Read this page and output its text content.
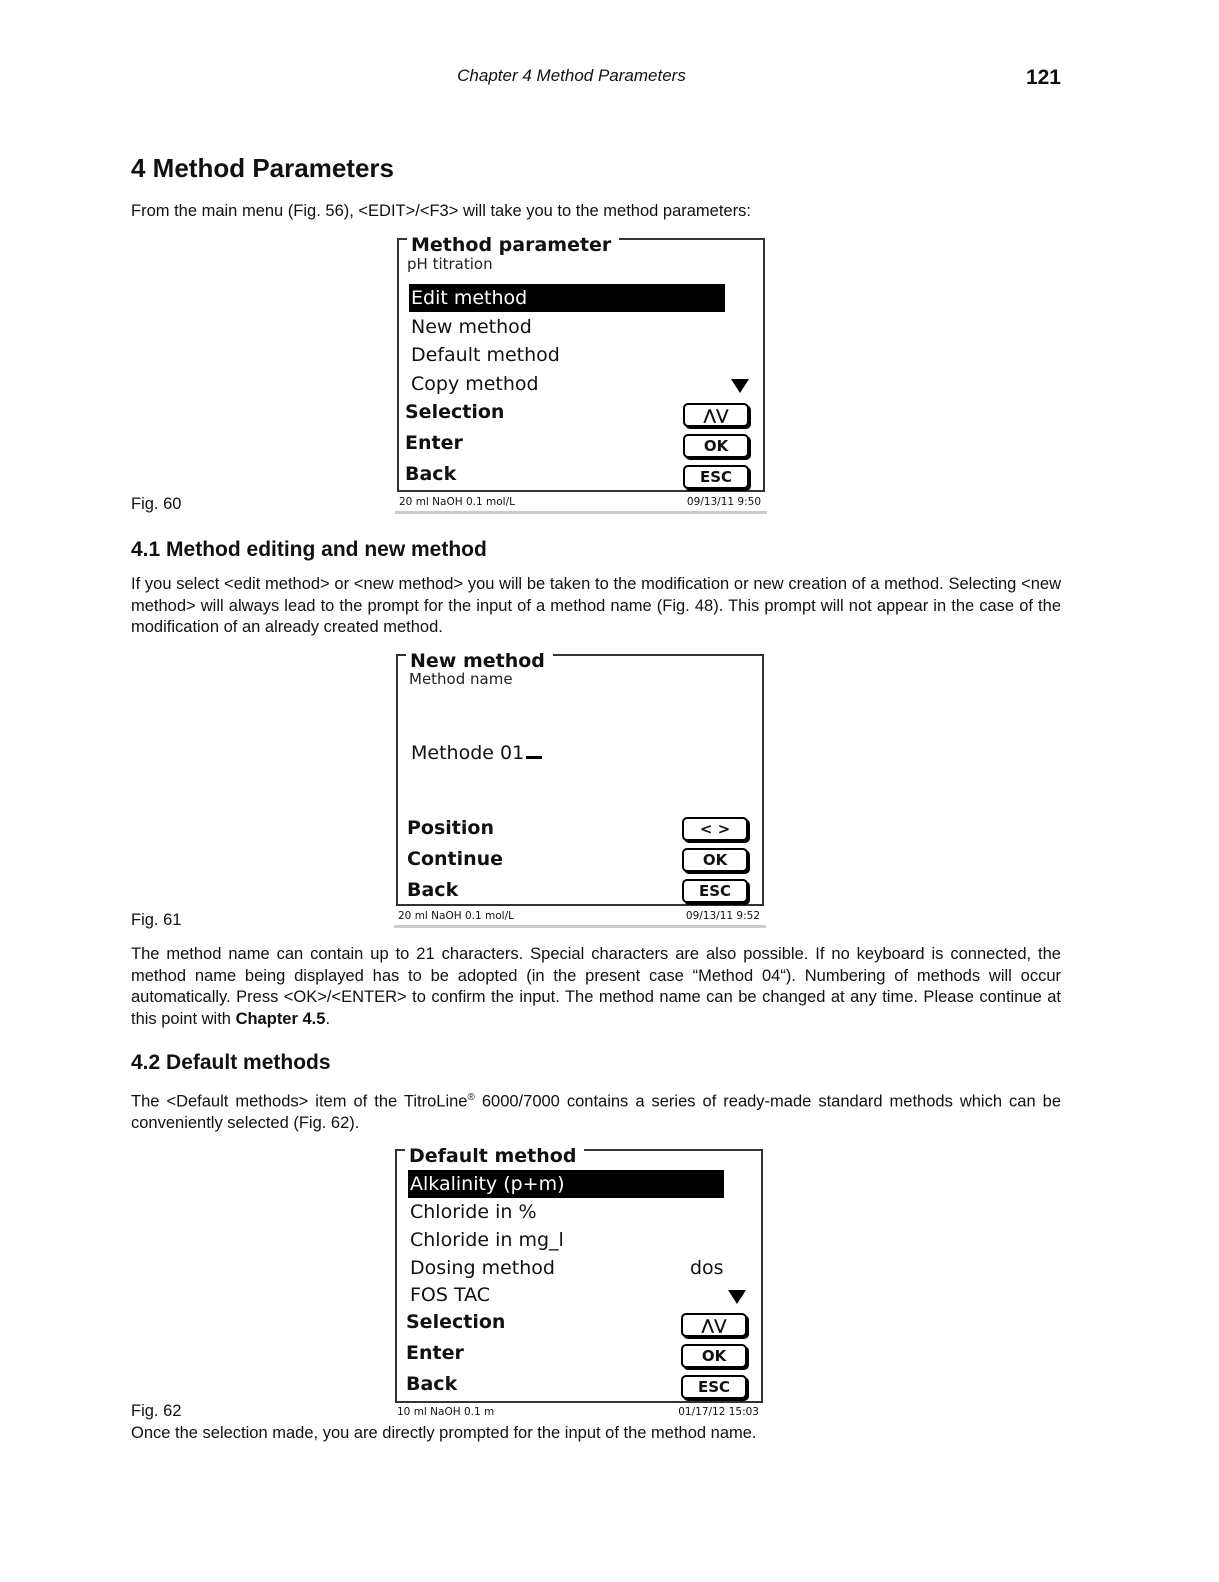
Chapter 4 Method Parameters	121
4 Method Parameters
From the main menu (Fig. 56), <EDIT>/<F3> will take you to the method parameters:
Method parameter
pH titration
Edit method
New method
Default method
Copy method
Selection	⋀⋁
Enter	OK
Back	ESC
20 ml NaOH 0.1 mol/L	09/13/11 9:50
Fig. 60
4.1 Method editing and new method
If you select <edit method> or <new method> you will be taken to the modification or new creation of a method. Selecting <new method> will always lead to the prompt for the input of a method name (Fig. 48). This prompt will not appear in the case of the modification of an already created method.
New method
Method name
Methode 01
Position	< >
Continue	OK
Back	ESC
20 ml NaOH 0.1 mol/L	09/13/11 9:52
Fig. 61
The method name can contain up to 21 characters. Special characters are also possible. If no keyboard is connected, the method name being displayed has to be adopted (in the present case “Method 04“). Numbering of methods will occur automatically. Press <OK>/<ENTER> to confirm the input. The method name can be changed at any time. Please continue at this point with Chapter 4.5.
4.2 Default methods
The <Default methods> item of the TitroLine® 6000/7000 contains a series of ready-made standard methods which can be conveniently selected (Fig. 62).
Default method
Alkalinity (p+m)
Chloride in %
Chloride in mg_l
Dosing method	dos
FOS TAC
Selection	⋀⋁
Enter	OK
Back	ESC
10 ml NaOH 0.1 m	01/17/12 15:03
Fig. 62
Once the selection made, you are directly prompted for the input of the method name.
